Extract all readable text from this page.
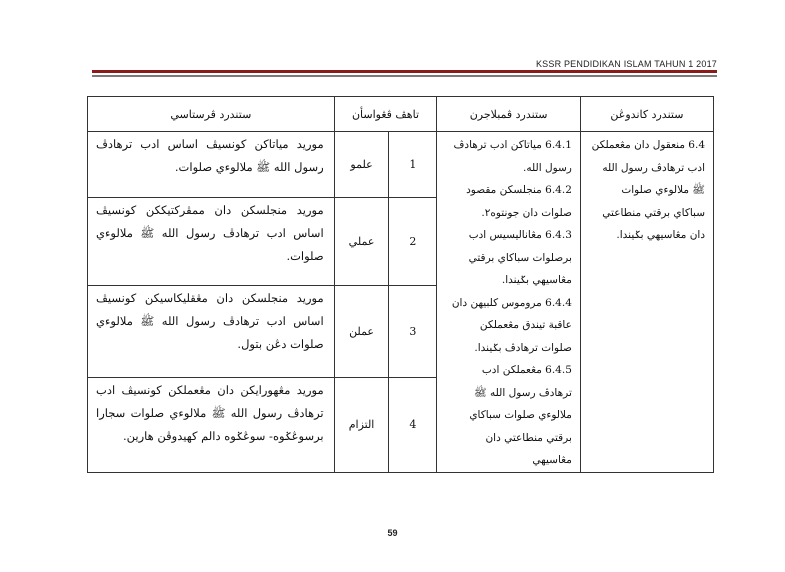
KSSR PENDIDIKAN ISLAM TAHUN 1 2017
ستندرد کاندوڠن	ستندرد ڤمبلاجرن	تاهڤ ڤڠواسأن		ستندرد ڤرستاسي

6.4 منعقول دان مڠعملکن ادب ترهادڤ رسول الله ﷺ ملالوءي صلوات سباکاي برقتي منطاعتي دان مڠاسيهي بݢيندا.	6.4.1 مياتاکن ادب ترهادڤ رسول الله.
6.4.2 منجلسکن مقصود صلوات دان جونتوه٢.
6.4.3 مڠانالیسيس ادب برصلوات سباکاي برقتي مڠاسيهي بݢيندا.
6.4.4 مروموس کلبيهن دان عاقبة تيندق مڠعملکن صلوات ترهادڤ بݢيندا.
6.4.5 مڠعملکن ادب ترهادڤ رسول الله ﷺ ملالوءي صلوات سباکاي برقتي منطاعتي دان مڠاسيهي	1	علمو	موريد مياتاکن کونسيڤ اساس ادب ترهادڤ رسول الله ﷺ ملالوءي صلوات.
		2	عملي	موريد منجلسکن دان ممڤرکتيککن کونسيڤ اساس ادب ترهادڤ رسول الله ﷺ ملالوءي صلوات.
		3	عملن	موريد منجلسکن دان مڠقليکاسيکن کونسيڤ اساس ادب ترهادڤ رسول الله ﷺ ملالوءي صلوات دڠن بتول.
		4	التزام	موريد مڠهورايکن دان مڠعملکن کونسيڤ ادب ترهادڤ رسول الله ﷺ ملالوءي صلوات سجارا برسوڠݢوه- سوڠݢوه دالم کهيدوڤن هارين.
59
